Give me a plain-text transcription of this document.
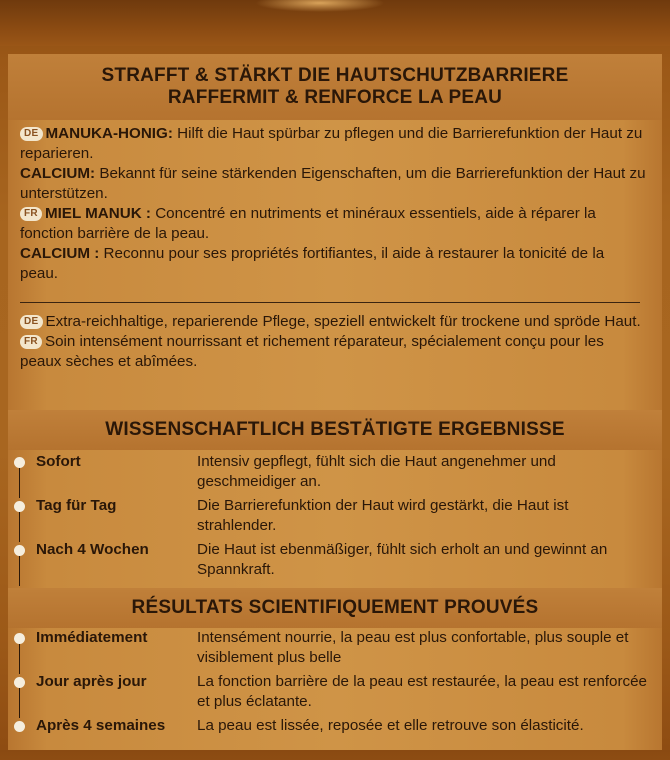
STRAFFT & STÄRKT DIE HAUTSCHUTZBARRIERE
RAFFERMIT & RENFORCE LA PEAU

DE MANUKA-HONIG: Hilft die Haut spürbar zu pflegen und die Barrierefunktion der Haut zu reparieren.

CALCIUM: Bekannt für seine stärkenden Eigenschaften, um die Barrierefunktion der Haut zu unterstützen.

FR MIEL MANUK : Concentré en nutriments et minéraux essentiels, aide à réparer la fonction barrière de la peau.

CALCIUM : Reconnu pour ses propriétés fortifiantes, il aide à restaurer la tonicité de la peau.

DE Extra-reichhaltige, reparierende Pflege, speziell entwickelt für trockene und spröde Haut.

FR Soin intensément nourrissant et richement réparateur, spécialement conçu pour les peaux sèches et abîmées.

WISSENSCHAFTLICH BESTÄTIGTE ERGEBNISSE
Sofort	Intensiv gepflegt, fühlt sich die Haut angenehmer und geschmeidiger an.
Tag für Tag	Die Barrierefunktion der Haut wird gestärkt, die Haut ist strahlender.
Nach 4 Wochen	Die Haut ist ebenmäßiger, fühlt sich erholt an und gewinnt an Spannkraft.
RÉSULTATS SCIENTIFIQUEMENT PROUVÉS
Immédiatement	Intensément nourrie, la peau est plus confortable, plus souple et visiblement plus belle
Jour après jour	La fonction barrière de la peau est restaurée, la peau est renforcée et plus éclatante.
Après 4 semaines La peau est lissée, reposée et elle retrouve son élasticité.
